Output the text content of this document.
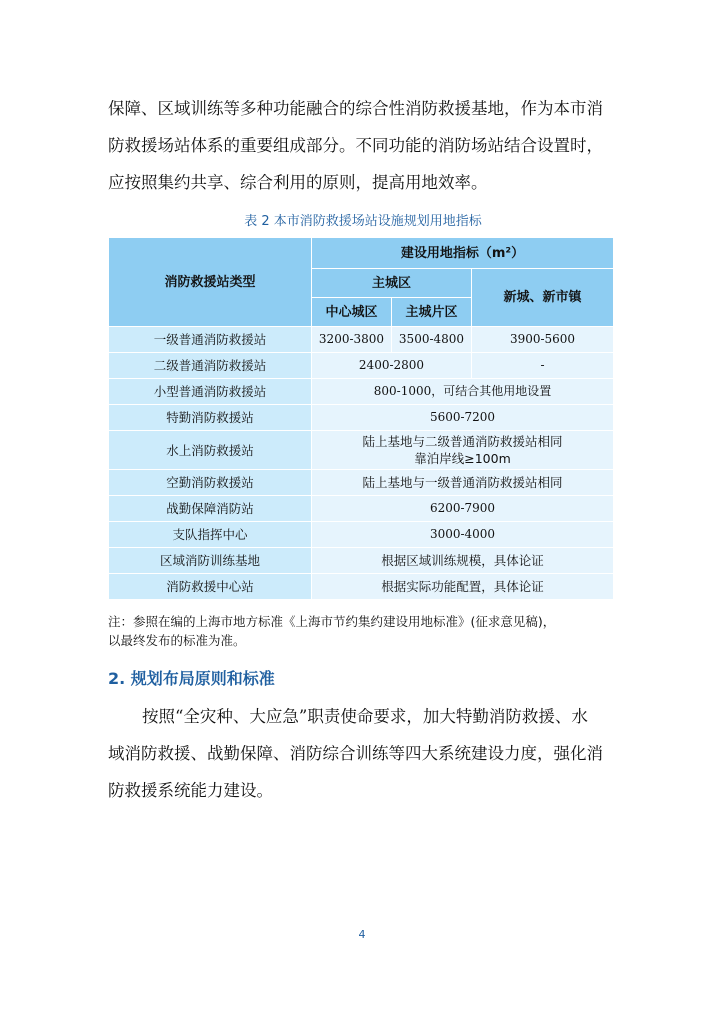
保障、区域训练等多种功能融合的综合性消防救援基地，作为本市消
防救援场站体系的重要组成部分。不同功能的消防场站结合设置时，
应按照集约共享、综合利用的原则，提高用地效率。

表 2 本市消防救援场站设施规划用地指标
消防救援站类型	建设用地指标（m²）		
	主城区		新城、新市镇
	中心城区	主城片区	
一级普通消防救援站	3200-3800	3500-4800	3900-5600
二级普通消防救援站	2400-2800		-
小型普通消防救援站	800-1000，可结合其他用地设置		
特勤消防救援站	5600-7200		
水上消防救援站	陆上基地与二级普通消防救援站相同
靠泊岸线≥100m		

空勤消防救援站	陆上基地与一级普通消防救援站相同		
战勤保障消防站	6200-7900		
支队指挥中心	3000-4000		
区域消防训练基地	根据区域训练规模，具体论证		
消防救援中心站	根据实际功能配置，具体论证		
注：参照在编的上海市地方标准《上海市节约集约建设用地标准》(征求意见稿)，
以最终发布的标准为准。
2. 规划布局原则和标准

按照“全灾种、大应急”职责使命要求，加大特勤消防救援、水
域消防救援、战勤保障、消防综合训练等四大系统建设力度，强化消
防救援系统能力建设。

4
